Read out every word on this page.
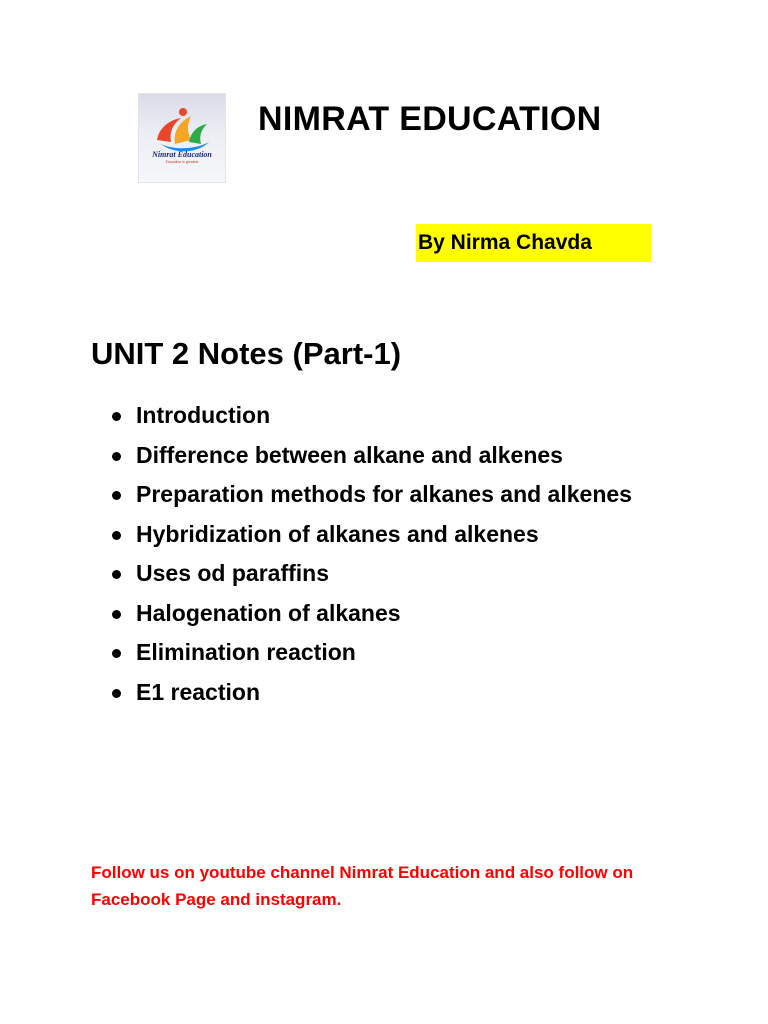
Nimrat Education
Education is greatest
NIMRAT EDUCATION
By Nirma Chavda
UNIT 2 Notes (Part-1)
Introduction
Difference between alkane and alkenes
Preparation methods for alkanes and alkenes
Hybridization of alkanes and alkenes
Uses od paraffins
Halogenation of alkanes
Elimination reaction
E1 reaction

Follow us on youtube channel Nimrat Education and also follow on Facebook Page and instagram.
